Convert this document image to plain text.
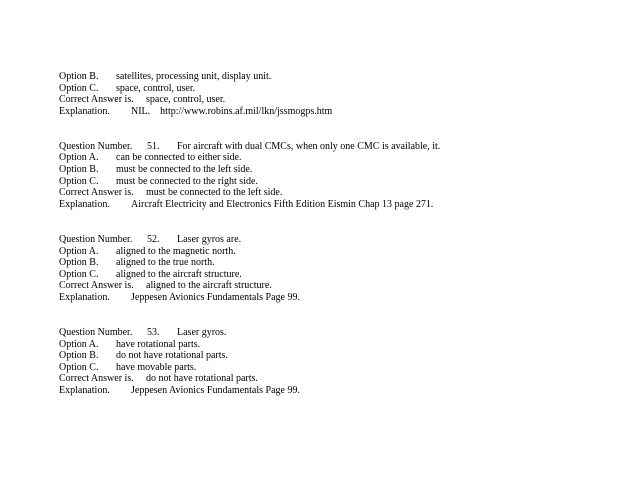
Option B. satellites, processing unit, display unit.
Option C. space, control, user.
Correct Answer is. space, control, user.
Explanation. NIL.    http://www.robins.af.mil/lkn/jssmogps.htm
Question Number. 51. For aircraft with dual CMCs, when only one CMC is available, it.
Option A. can be connected to either side.
Option B. must be connected to the left side.
Option C. must be connected to the right side.
Correct Answer is. must be connected to the left side.
Explanation. Aircraft Electricity and Electronics Fifth Edition Eismin Chap 13 page 271.
Question Number. 52. Laser gyros are.
Option A. aligned to the magnetic north.
Option B. aligned to the true north.
Option C. aligned to the aircraft structure.
Correct Answer is. aligned to the aircraft structure.
Explanation. Jeppesen Avionics Fundamentals Page 99.
Question Number. 53. Laser gyros.
Option A. have rotational parts.
Option B. do not have rotational parts.
Option C. have movable parts.
Correct Answer is. do not have rotational parts.
Explanation. Jeppesen Avionics Fundamentals Page 99.
